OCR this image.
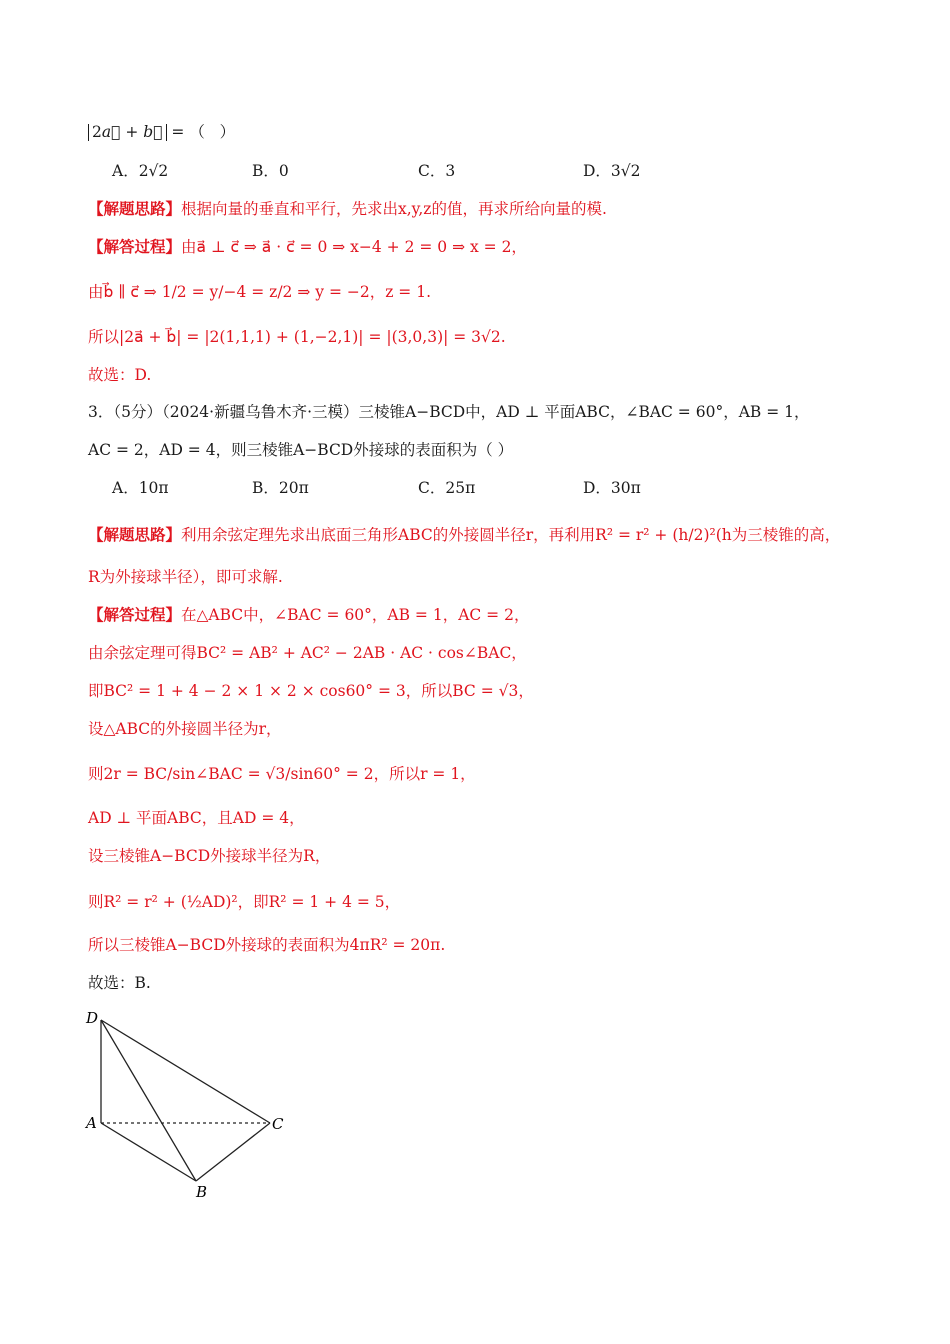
2a⃗ + b⃗ = （   ）
A．2√2	B．0	C．3	D．3√2
【解题思路】根据向量的垂直和平行，先求出x,y,z的值，再求所给向量的模.
【解答过程】由a⃗ ⊥ c⃗ ⇒ a⃗ · c⃗ = 0 ⇒ x−4 + 2 = 0 ⇒ x = 2，
由b⃗ ∥ c⃗ ⇒ 1/2 = y/−4 = z/2 ⇒ y = −2，z = 1.
所以|2a⃗ + b⃗| = |2(1,1,1) + (1,−2,1)| = |(3,0,3)| = 3√2.
故选：D.
3．（5分）（2024·新疆乌鲁木齐·三模）三棱锥A−BCD中，AD ⊥ 平面ABC，∠BAC = 60°，AB = 1，
AC = 2，AD = 4，则三棱锥A−BCD外接球的表面积为（ ）
A．10π	B．20π	C．25π	D．30π
【解题思路】利用余弦定理先求出底面三角形ABC的外接圆半径r，再利用R² = r² + (h/2)²(h为三棱锥的高，
R为外接球半径），即可求解.
【解答过程】在△ABC中，∠BAC = 60°，AB = 1，AC = 2，
由余弦定理可得BC² = AB² + AC² − 2AB · AC · cos∠BAC，
即BC² = 1 + 4 − 2 × 1 × 2 × cos60° = 3，所以BC = √3，
设△ABC的外接圆半径为r，
则2r = BC/sin∠BAC = √3/sin60° = 2，所以r = 1，
AD ⊥ 平面ABC，且AD = 4，
设三棱锥A−BCD外接球半径为R，
则R² = r² + (½AD)²，即R² = 1 + 4 = 5，
所以三棱锥A−BCD外接球的表面积为4πR² = 20π.
故选：B.
D
A	C
B
